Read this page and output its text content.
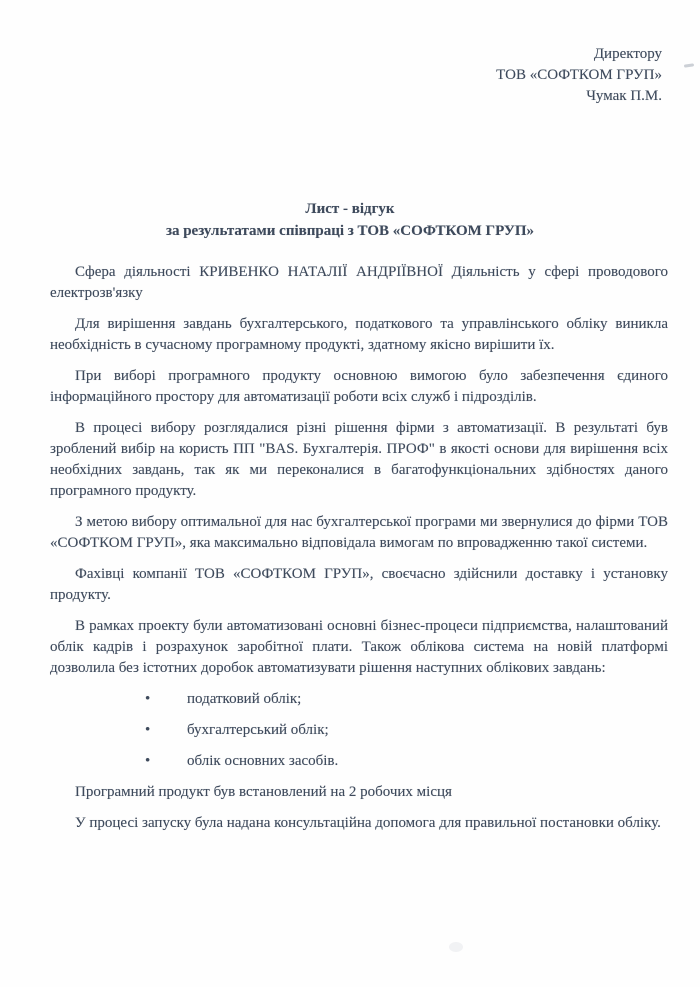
Директору
ТОВ «СОФТКОМ ГРУП»
Чумак П.М.
Лист - відгук
за результатами співпраці з ТОВ «СОФТКОМ ГРУП»

Сфера діяльності КРИВЕНКО НАТАЛІЇ АНДРІЇВНОЇ Діяльність у сфері проводового електрозв'язку

Для вирішення завдань бухгалтерського, податкового та управлінського обліку виникла необхідність в сучасному програмному продукті, здатному якісно вирішити їх.

При виборі програмного продукту основною вимогою було забезпечення єдиного інформаційного простору для автоматизації роботи всіх служб і підрозділів.

В процесі вибору розглядалися різні рішення фірми з автоматизації. В результаті був зроблений вибір на користь ПП "BAS. Бухгалтерія. ПРОФ" в якості основи для вирішення всіх необхідних завдань, так як ми переконалися в багатофункціональних здібностях даного програмного продукту.

З метою вибору оптимальної для нас бухгалтерської програми ми звернулися до фірми ТОВ «СОФТКОМ ГРУП», яка максимально відповідала вимогам по впровадженню такої системи.

Фахівці компанії ТОВ «СОФТКОМ ГРУП», своєчасно здійснили доставку і установку продукту.

В рамках проекту були автоматизовані основні бізнес-процеси підприємства, налаштований облік кадрів і розрахунок заробітної плати. Також облікова система на новій платформі дозволила без істотних доробок автоматизувати рішення наступних облікових завдань:

•	податковий облік;
•	бухгалтерський облік;
•	облік основних засобів.

Програмний продукт був встановлений на 2 робочих місця

У процесі запуску була надана консультаційна допомога для правильної постановки обліку.
